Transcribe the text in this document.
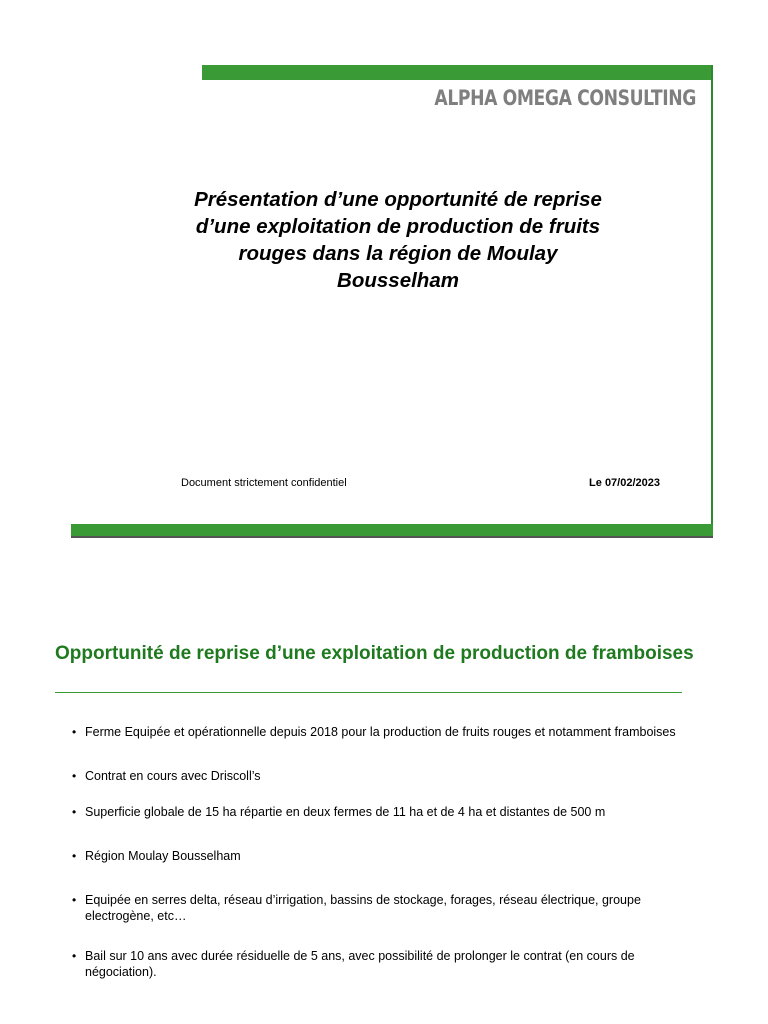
ALPHA OMEGA CONSULTING
Présentation d’une opportunité de reprise d’une exploitation de production de fruits rouges dans la région de Moulay Bousselham
Document strictement confidentiel	Le 07/02/2023
Opportunité de reprise d’une exploitation de production de framboises
• Ferme Equipée et opérationnelle depuis 2018 pour la production de fruits rouges et notamment framboises
• Contrat en cours avec Driscoll’s
• Superficie globale de 15 ha répartie en deux fermes de 11 ha et de 4 ha et distantes de 500 m
• Région Moulay Bousselham
• Equipée en serres delta, réseau d’irrigation, bassins de stockage, forages, réseau électrique, groupe electrogène, etc…
• Bail sur 10 ans avec durée résiduelle de 5 ans, avec possibilité de prolonger le contrat (en cours de négociation).
